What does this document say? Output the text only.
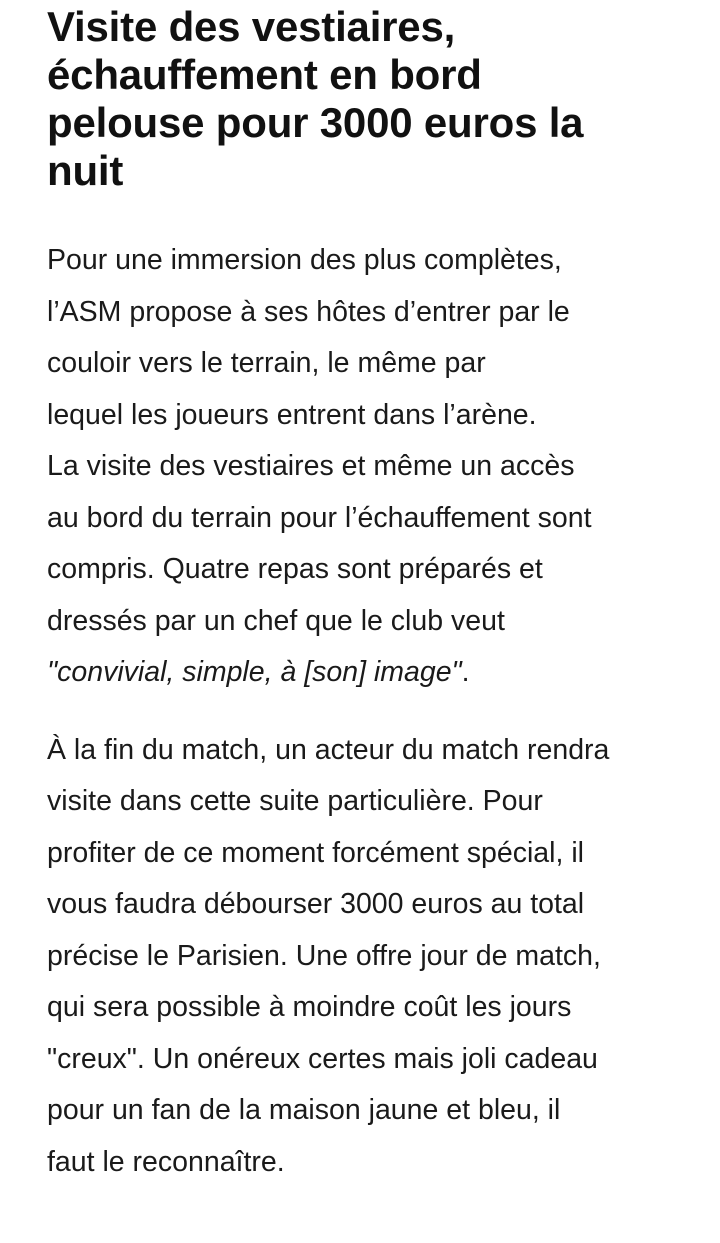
Visite des vestiaires,
échauffement en bord
pelouse pour 3000 euros la
nuit

Pour une immersion des plus complètes,
l’ASM propose à ses hôtes d’entrer par le
couloir vers le terrain, le même par
lequel les joueurs entrent dans l’arène.
La visite des vestiaires et même un accès
au bord du terrain pour l’échauffement sont
compris. Quatre repas sont préparés et
dressés par un chef que le club veut
"convivial, simple, à [son] image".

À la fin du match, un acteur du match rendra
visite dans cette suite particulière. Pour
profiter de ce moment forcément spécial, il
vous faudra débourser 3000 euros au total
précise le Parisien. Une offre jour de match,
qui sera possible à moindre coût les jours
"creux". Un onéreux certes mais joli cadeau
pour un fan de la maison jaune et bleu, il
faut le reconnaître.
